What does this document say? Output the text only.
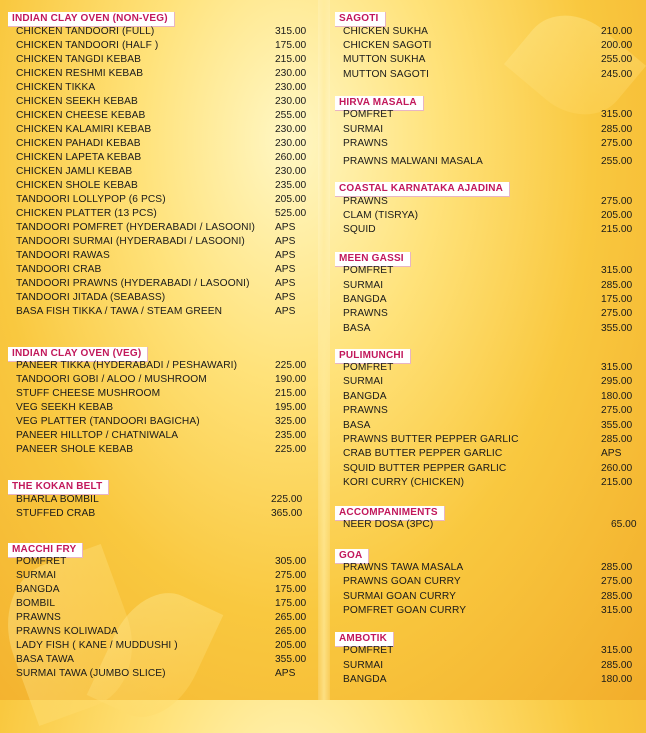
INDIAN CLAY OVEN (NON-VEG)
CHICKEN TANDOORI (FULL)	315.00
CHICKEN TANDOORI (HALF )	175.00
CHICKEN TANGDI KEBAB	215.00
CHICKEN RESHMI KEBAB	230.00
CHICKEN TIKKA	230.00
CHICKEN SEEKH KEBAB	230.00
CHICKEN CHEESE KEBAB	255.00
CHICKEN KALAMIRI KEBAB	230.00
CHICKEN PAHADI KEBAB	230.00
CHICKEN LAPETA KEBAB	260.00
CHICKEN JAMLI KEBAB	230.00
CHICKEN SHOLE KEBAB	235.00
TANDOORI LOLLYPOP (6 PCS)	205.00
CHICKEN PLATTER (13 PCS)	525.00
TANDOORI POMFRET (HYDERABADI / LASOONI) APS
TANDOORI SURMAI (HYDERABADI / LASOONI)	APS
TANDOORI RAWAS	APS
TANDOORI CRAB	APS
TANDOORI PRAWNS (HYDERABADI / LASOONI) APS
TANDOORI JITADA (SEABASS)	APS
BASA FISH TIKKA / TAWA / STEAM GREEN	APS
INDIAN CLAY OVEN (VEG)
PANEER TIKKA (HYDERABADI / PESHAWARI)	225.00
TANDOORI GOBI / ALOO / MUSHROOM	190.00
STUFF CHEESE MUSHROOM	215.00
VEG SEEKH KEBAB	195.00
VEG PLATTER (TANDOORI BAGICHA)	325.00
PANEER HILLTOP / CHATNIWALA	235.00
PANEER SHOLE KEBAB	225.00
THE KOKAN BELT
BHARLA BOMBIL	225.00
STUFFED CRAB	365.00
MACCHI FRY
POMFRET	305.00
SURMAI	275.00
BANGDA	175.00
BOMBIL	175.00
PRAWNS	265.00
PRAWNS KOLIWADA	265.00
LADY FISH ( KANE / MUDDUSHI )	205.00
BASA TAWA	355.00
SURMAI TAWA (JUMBO SLICE)	APS
SAGOTI
CHICKEN SUKHA	210.00
CHICKEN SAGOTI	200.00
MUTTON SUKHA	255.00
MUTTON SAGOTI	245.00
HIRVA MASALA
POMFRET	315.00
SURMAI	285.00
PRAWNS	275.00
PRAWNS MALWANI MASALA	255.00
COASTAL KARNATAKA AJADINA
PRAWNS	275.00
CLAM (TISRYA)	205.00
SQUID	215.00
MEEN GASSI
POMFRET	315.00
SURMAI	285.00
BANGDA	175.00
PRAWNS	275.00
BASA	355.00
PULIMUNCHI
POMFRET	315.00
SURMAI	295.00
BANGDA	180.00
PRAWNS	275.00
BASA	355.00
PRAWNS BUTTER PEPPER GARLIC	285.00
CRAB BUTTER PEPPER GARLIC	APS
SQUID BUTTER PEPPER GARLIC	260.00
KORI CURRY (CHICKEN)	215.00
ACCOMPANIMENTS
NEER DOSA (3PC)	65.00
GOA
PRAWNS TAWA MASALA	285.00
PRAWNS GOAN CURRY	275.00
SURMAI GOAN CURRY	285.00
POMFRET GOAN CURRY	315.00
AMBOTIK
POMFRET	315.00
SURMAI	285.00
BANGDA	180.00
